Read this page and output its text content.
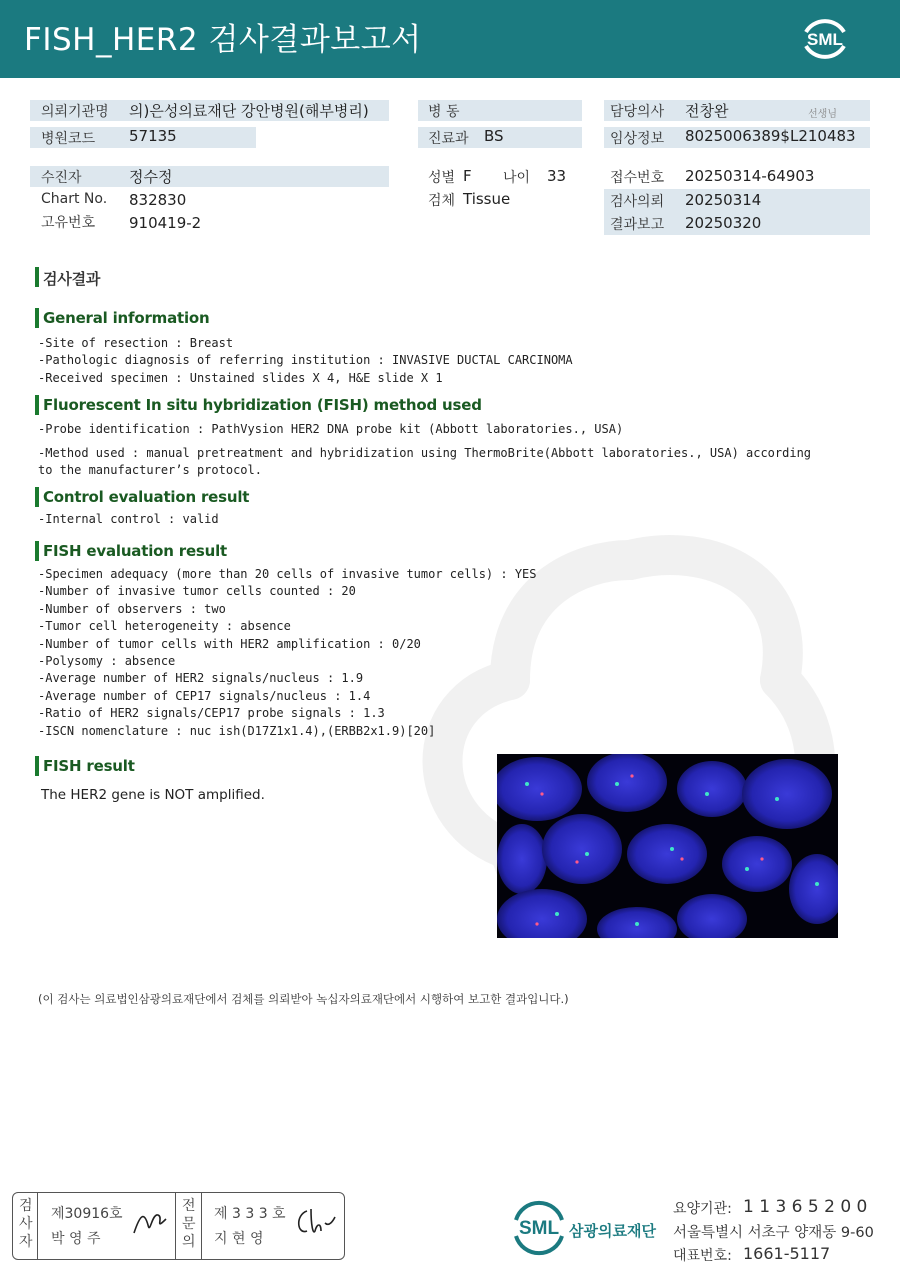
FISH_HER2 검사결과보고서	SML
의뢰기관명 의)은성의료재단 강안병원(해부병리)
병원코드 57135
병 동
진료과 BS
담당의사 전창완	선생님
임상정보 8025006389$L210483
수진자	정수정
Chart No. 832830
고유번호 910419-2
성별 F 나이 33
검체 Tissue
접수번호 20250314-64903
검사의뢰 20250314
결과보고 20250320
검사결과
General information
-Site of resection : Breast
-Pathologic diagnosis of referring institution : INVASIVE DUCTAL CARCINOMA
-Received specimen : Unstained slides X 4, H&E slide X 1
Fluorescent In situ hybridization (FISH) method used
-Probe identification : PathVysion HER2 DNA probe kit (Abbott laboratories., USA)
-Method used : manual pretreatment and hybridization using ThermoBrite(Abbott laboratories., USA) according
to the manufacturer’s protocol.
Control evaluation result
-Internal control : valid
FISH evaluation result
-Specimen adequacy (more than 20 cells of invasive tumor cells) : YES
-Number of invasive tumor cells counted : 20
-Number of observers : two
-Tumor cell heterogeneity : absence
-Number of tumor cells with HER2 amplification : 0/20
-Polysomy : absence
-Average number of HER2 signals/nucleus : 1.9
-Average number of CEP17 signals/nucleus : 1.4
-Ratio of HER2 signals/CEP17 probe signals : 1.3
-ISCN nomenclature : nuc ish(D17Z1x1.4),(ERBB2x1.9)[20]
FISH result
The HER2 gene is NOT amplified.
(이 검사는 의료법인삼광의료재단에서 검체를 의뢰받아 녹십자의료재단에서 시행하여 보고한 결과입니다.)
검
사
자
제30916호
박 영 주
전
문
의
제 3 3 3 호
지 현 영	SML 삼광의료재단
요양기관: 1 1 3 6 5 2 0 0
서울특별시 서초구 양재동 9-60
대표번호: 1661-5117
